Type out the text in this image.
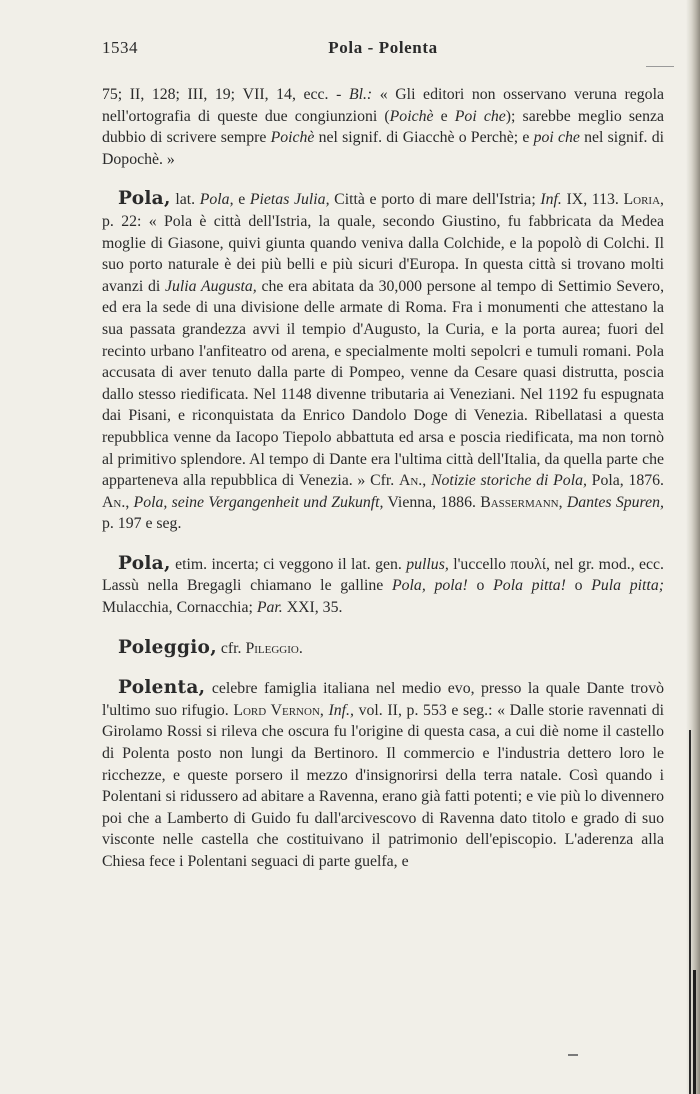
1534	Pola - Polenta

75; II, 128; III, 19; VII, 14, ecc. - Bl.: « Gli editori non osservano veruna regola nell'ortografia di queste due congiunzioni (Poichè e Poi che); sarebbe meglio senza dubbio di scrivere sempre Poichè nel signif. di Giacchè o Perchè; e poi che nel signif. di Dopochè. »

Pola, lat. Pola, e Pietas Julia, Città e porto di mare dell'Istria; Inf. IX, 113. Loria, p. 22: « Pola è città dell'Istria, la quale, secondo Giustino, fu fabbricata da Medea moglie di Giasone, quivi giunta quando veniva dalla Colchide, e la popolò di Colchi. Il suo porto naturale è dei più belli e più sicuri d'Europa. In questa città si trovano molti avanzi di Julia Augusta, che era abitata da 30,000 persone al tempo di Settimio Severo, ed era la sede di una divisione delle armate di Roma. Fra i monumenti che attestano la sua passata grandezza avvi il tempio d'Augusto, la Curia, e la porta aurea; fuori del recinto urbano l'anfiteatro od arena, e specialmente molti sepolcri e tumuli romani. Pola accusata di aver tenuto dalla parte di Pompeo, venne da Cesare quasi distrutta, poscia dallo stesso riedificata. Nel 1148 divenne tributaria ai Veneziani. Nel 1192 fu espugnata dai Pisani, e riconquistata da Enrico Dandolo Doge di Venezia. Ribellatasi a questa repubblica venne da Iacopo Tiepolo abbattuta ed arsa e poscia riedificata, ma non tornò al primitivo splendore. Al tempo di Dante era l'ultima città dell'Italia, da quella parte che apparteneva alla repubblica di Venezia. » Cfr. An., Notizie storiche di Pola, Pola, 1876. An., Pola, seine Vergangenheit und Zukunft, Vienna, 1886. Bassermann, Dantes Spuren, p. 197 e seg.

Pola, etim. incerta; ci veggono il lat. gen. pullus, l'uccello πουλί, nel gr. mod., ecc. Lassù nella Bregagli chiamano le galline Pola, pola! o Pola pitta! o Pula pitta; Mulacchia, Cornacchia; Par. XXI, 35.

Poleggio, cfr. Pileggio.

Polenta, celebre famiglia italiana nel medio evo, presso la quale Dante trovò l'ultimo suo rifugio. Lord Vernon, Inf., vol. II, p. 553 e seg.: « Dalle storie ravennati di Girolamo Rossi si rileva che oscura fu l'origine di questa casa, a cui diè nome il castello di Polenta posto non lungi da Bertinoro. Il commercio e l'industria dettero loro le ricchezze, e queste porsero il mezzo d'insignorirsi della terra natale. Così quando i Polentani si ridussero ad abitare a Ravenna, erano già fatti potenti; e vie più lo divennero poi che a Lamberto di Guido fu dall'arcivescovo di Ravenna dato titolo e grado di suo visconte nelle castella che costituivano il patrimonio dell'episcopio. L'aderenza alla Chiesa fece i Polentani seguaci di parte guelfa, e
